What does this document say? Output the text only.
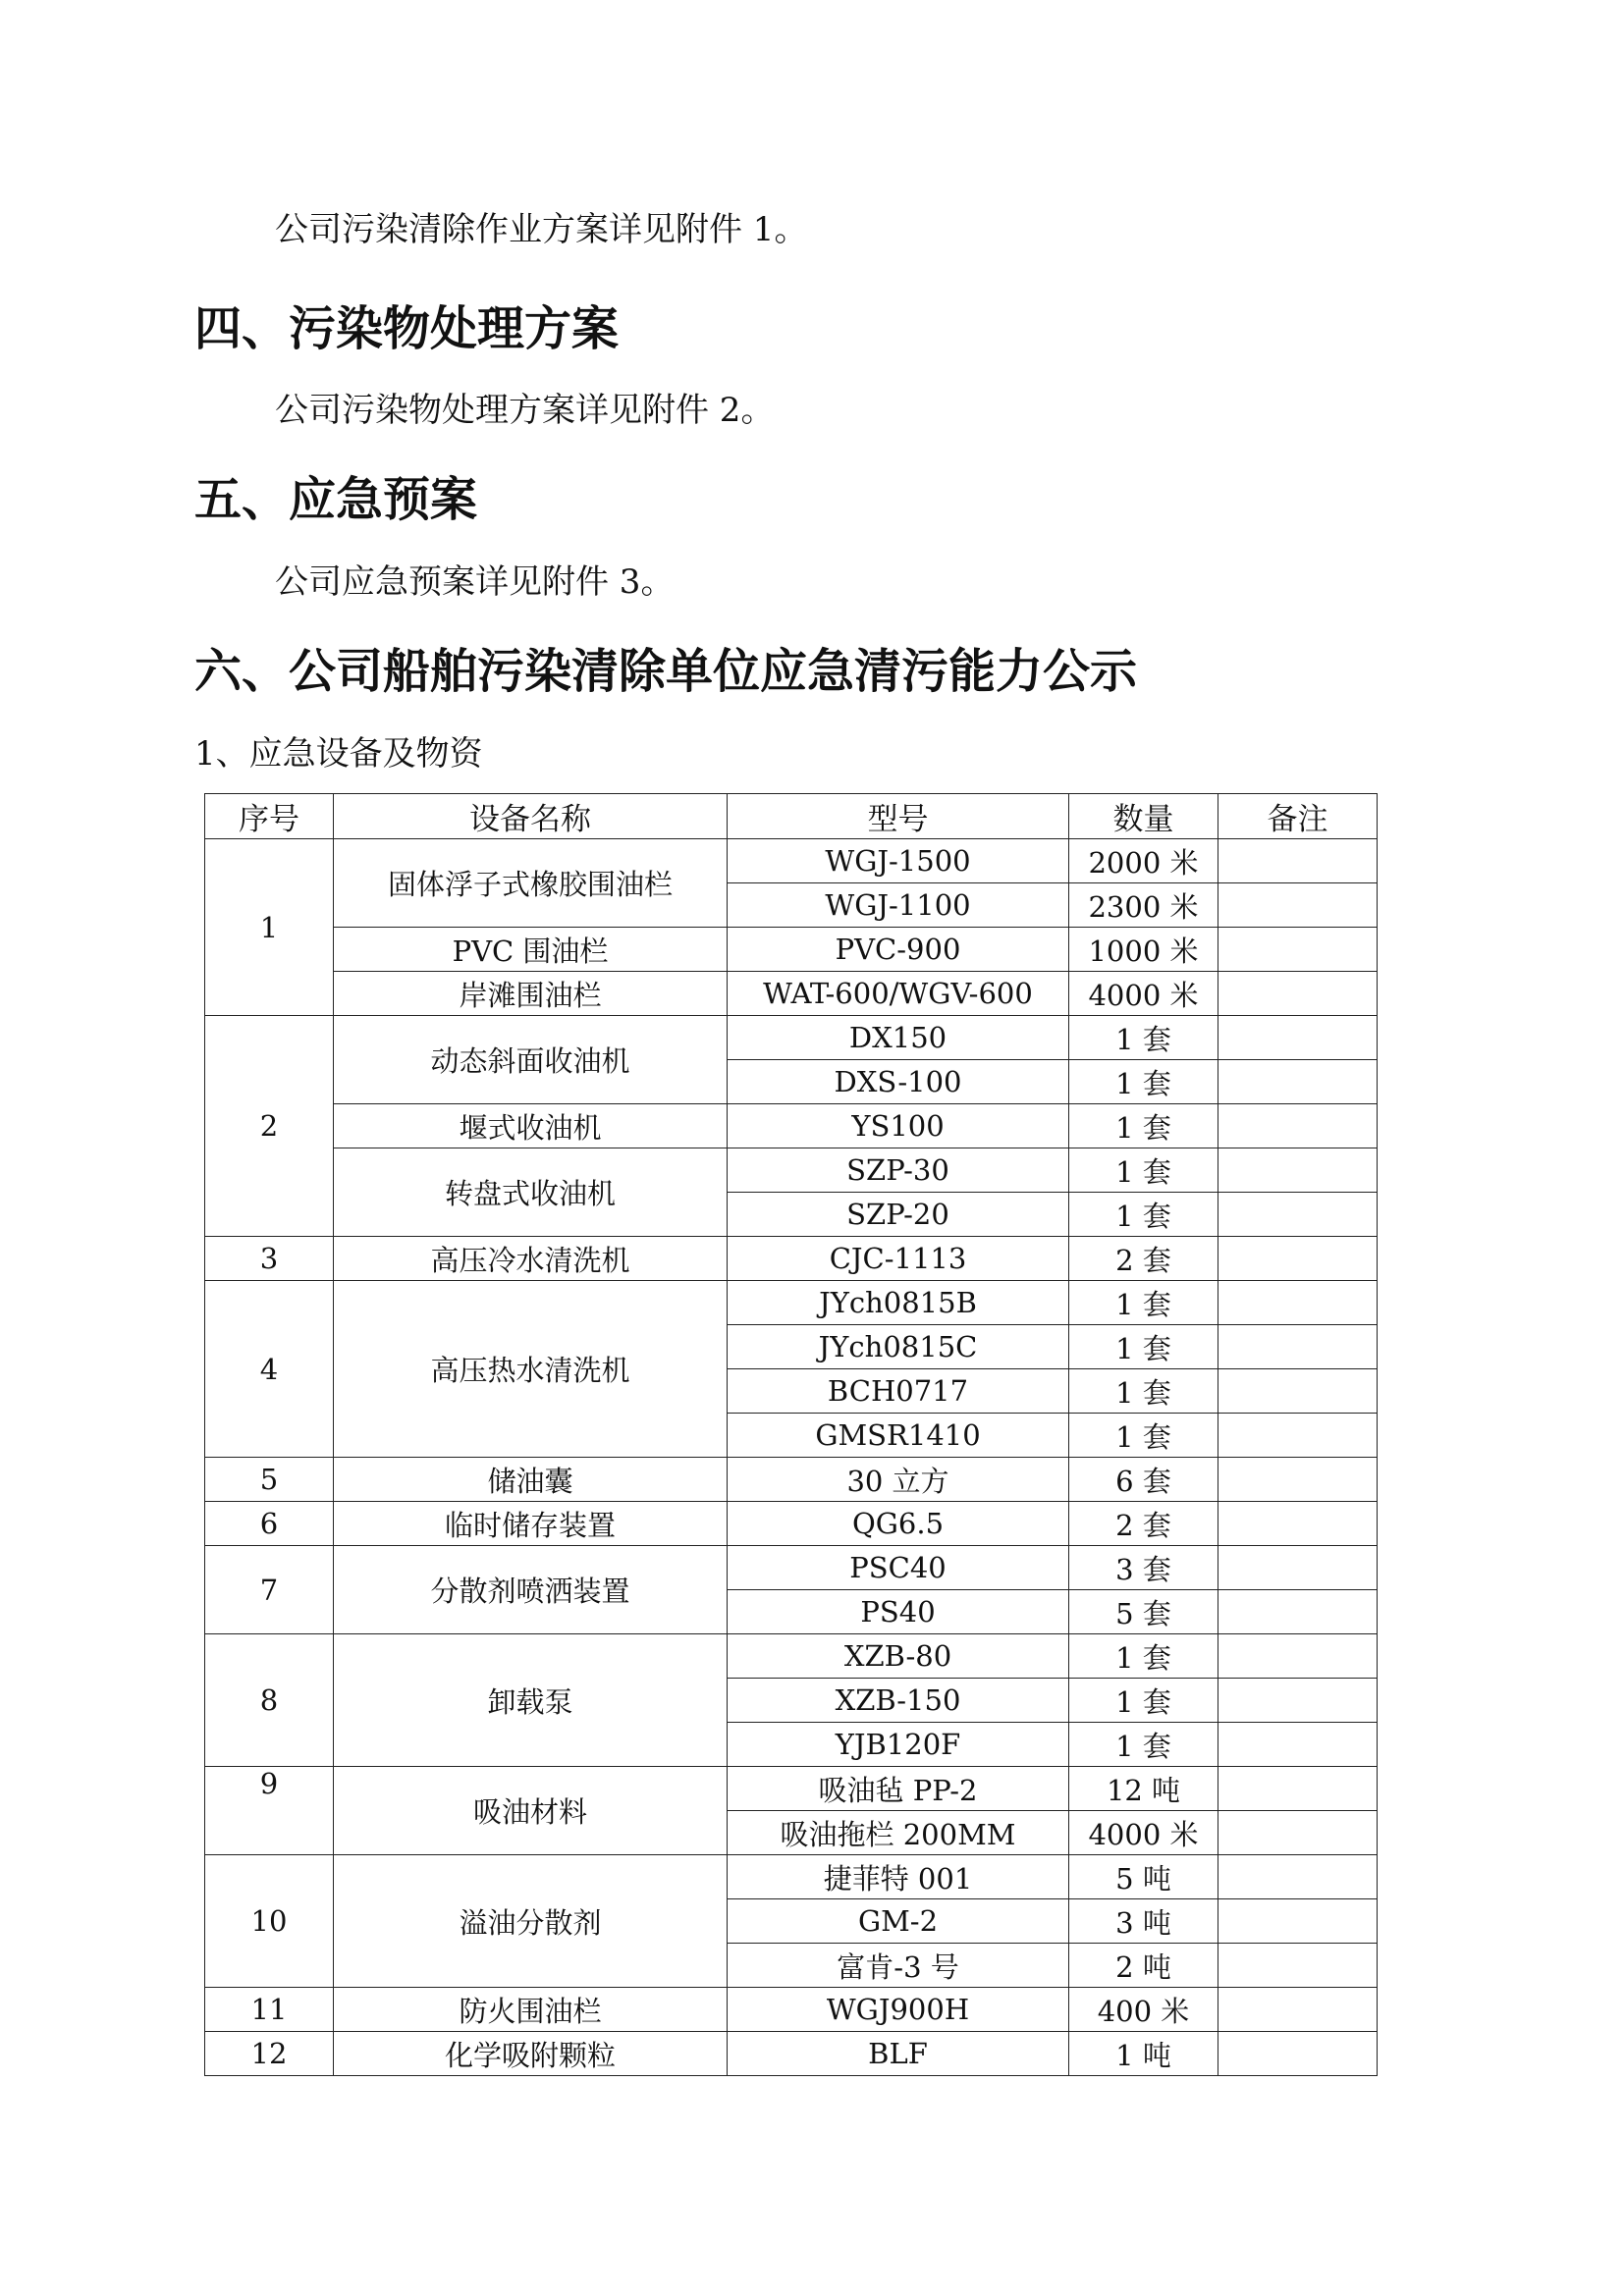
公司污染清除作业方案详见附件 1。

四、污染物处理方案

公司污染物处理方案详见附件 2。

五、应急预案

公司应急预案详见附件 3。

六、公司船舶污染清除单位应急清污能力公示

1、应急设备及物资

序号	设备名称	型号	数量	备注
1	固体浮子式橡胶围油栏	WGJ-1500	2000 米	
		WGJ-1100	2300 米	
	PVC 围油栏	PVC-900	1000 米	
	岸滩围油栏	WAT-600/WGV-600	4000 米	
2	动态斜面收油机	DX150	1 套	
		DXS-100	1 套	
	堰式收油机	YS100	1 套	
	转盘式收油机	SZP-30	1 套	
		SZP-20	1 套	
3	高压冷水清洗机	CJC-1113	2 套	
4	高压热水清洗机	JYch0815B	1 套	
		JYch0815C	1 套	
		BCH0717	1 套	
		GMSR1410	1 套	
5	储油囊	30 立方	6 套	
6	临时储存装置	QG6.5	2 套	
7	分散剂喷洒装置	PSC40	3 套	
		PS40	5 套	
8	卸载泵	XZB-80	1 套	
		XZB-150	1 套	
		YJB120F	1 套	
9	吸油材料	吸油毡 PP-2	12 吨	
		吸油拖栏 200MM	4000 米	
10	溢油分散剂	捷菲特 001	5 吨	
		GM-2	3 吨	
		富肯-3 号	2 吨	
11	防火围油栏	WGJ900H	400 米	
12	化学吸附颗粒	BLF	1 吨	
